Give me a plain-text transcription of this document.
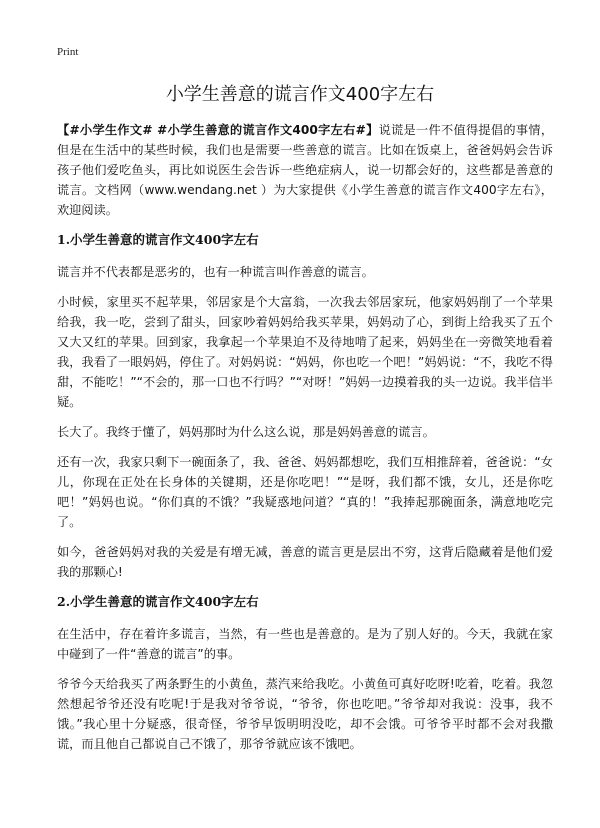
Print
小学生善意的谎言作文400字左右

【#小学生作文# #小学生善意的谎言作文400字左右#】说谎是一件不值得提倡的事情，但是在生活中的某些时候，我们也是需要一些善意的谎言。比如在饭桌上，爸爸妈妈会告诉孩子他们爱吃鱼头，再比如说医生会告诉一些绝症病人，说一切都会好的，这些都是善意的谎言。文档网（www.wendang.net ）为大家提供《小学生善意的谎言作文400字左右》，欢迎阅读。

1.小学生善意的谎言作文400字左右

谎言并不代表都是恶劣的，也有一种谎言叫作善意的谎言。

小时候，家里买不起苹果，邻居家是个大富翁，一次我去邻居家玩，他家妈妈削了一个苹果给我，我一吃，尝到了甜头，回家吵着妈妈给我买苹果，妈妈动了心，到街上给我买了五个又大又红的苹果。回到家，我拿起一个苹果迫不及待地啃了起来，妈妈坐在一旁微笑地看着我，我看了一眼妈妈，停住了。对妈妈说：“妈妈，你也吃一个吧！”妈妈说：“不，我吃不得甜，不能吃！”“不会的，那一口也不行吗？”“对呀！”妈妈一边摸着我的头一边说。我半信半疑。

长大了。我终于懂了，妈妈那时为什么这么说，那是妈妈善意的谎言。

还有一次，我家只剩下一碗面条了，我、爸爸、妈妈都想吃，我们互相推辞着，爸爸说：“女儿，你现在正处在长身体的关键期，还是你吃吧！”“是呀，我们都不饿，女儿，还是你吃吧！”妈妈也说。“你们真的不饿？”我疑惑地问道？“真的！”我捧起那碗面条，满意地吃完了。

如今，爸爸妈妈对我的关爱是有增无减，善意的谎言更是层出不穷，这背后隐藏着是他们爱我的那颗心!

2.小学生善意的谎言作文400字左右

在生活中，存在着许多谎言，当然，有一些也是善意的。是为了别人好的。今天，我就在家中碰到了一件“善意的谎言”的事。

爷爷今天给我买了两条野生的小黄鱼，蒸汽来给我吃。小黄鱼可真好吃呀!吃着，吃着。我忽然想起爷爷还没有吃呢!于是我对爷爷说，“爷爷，你也吃吧。”爷爷却对我说：没事，我不饿。”我心里十分疑惑，很奇怪，爷爷早饭明明没吃，却不会饿。可爷爷平时都不会对我撒谎，而且他自己都说自己不饿了，那爷爷就应该不饿吧。
